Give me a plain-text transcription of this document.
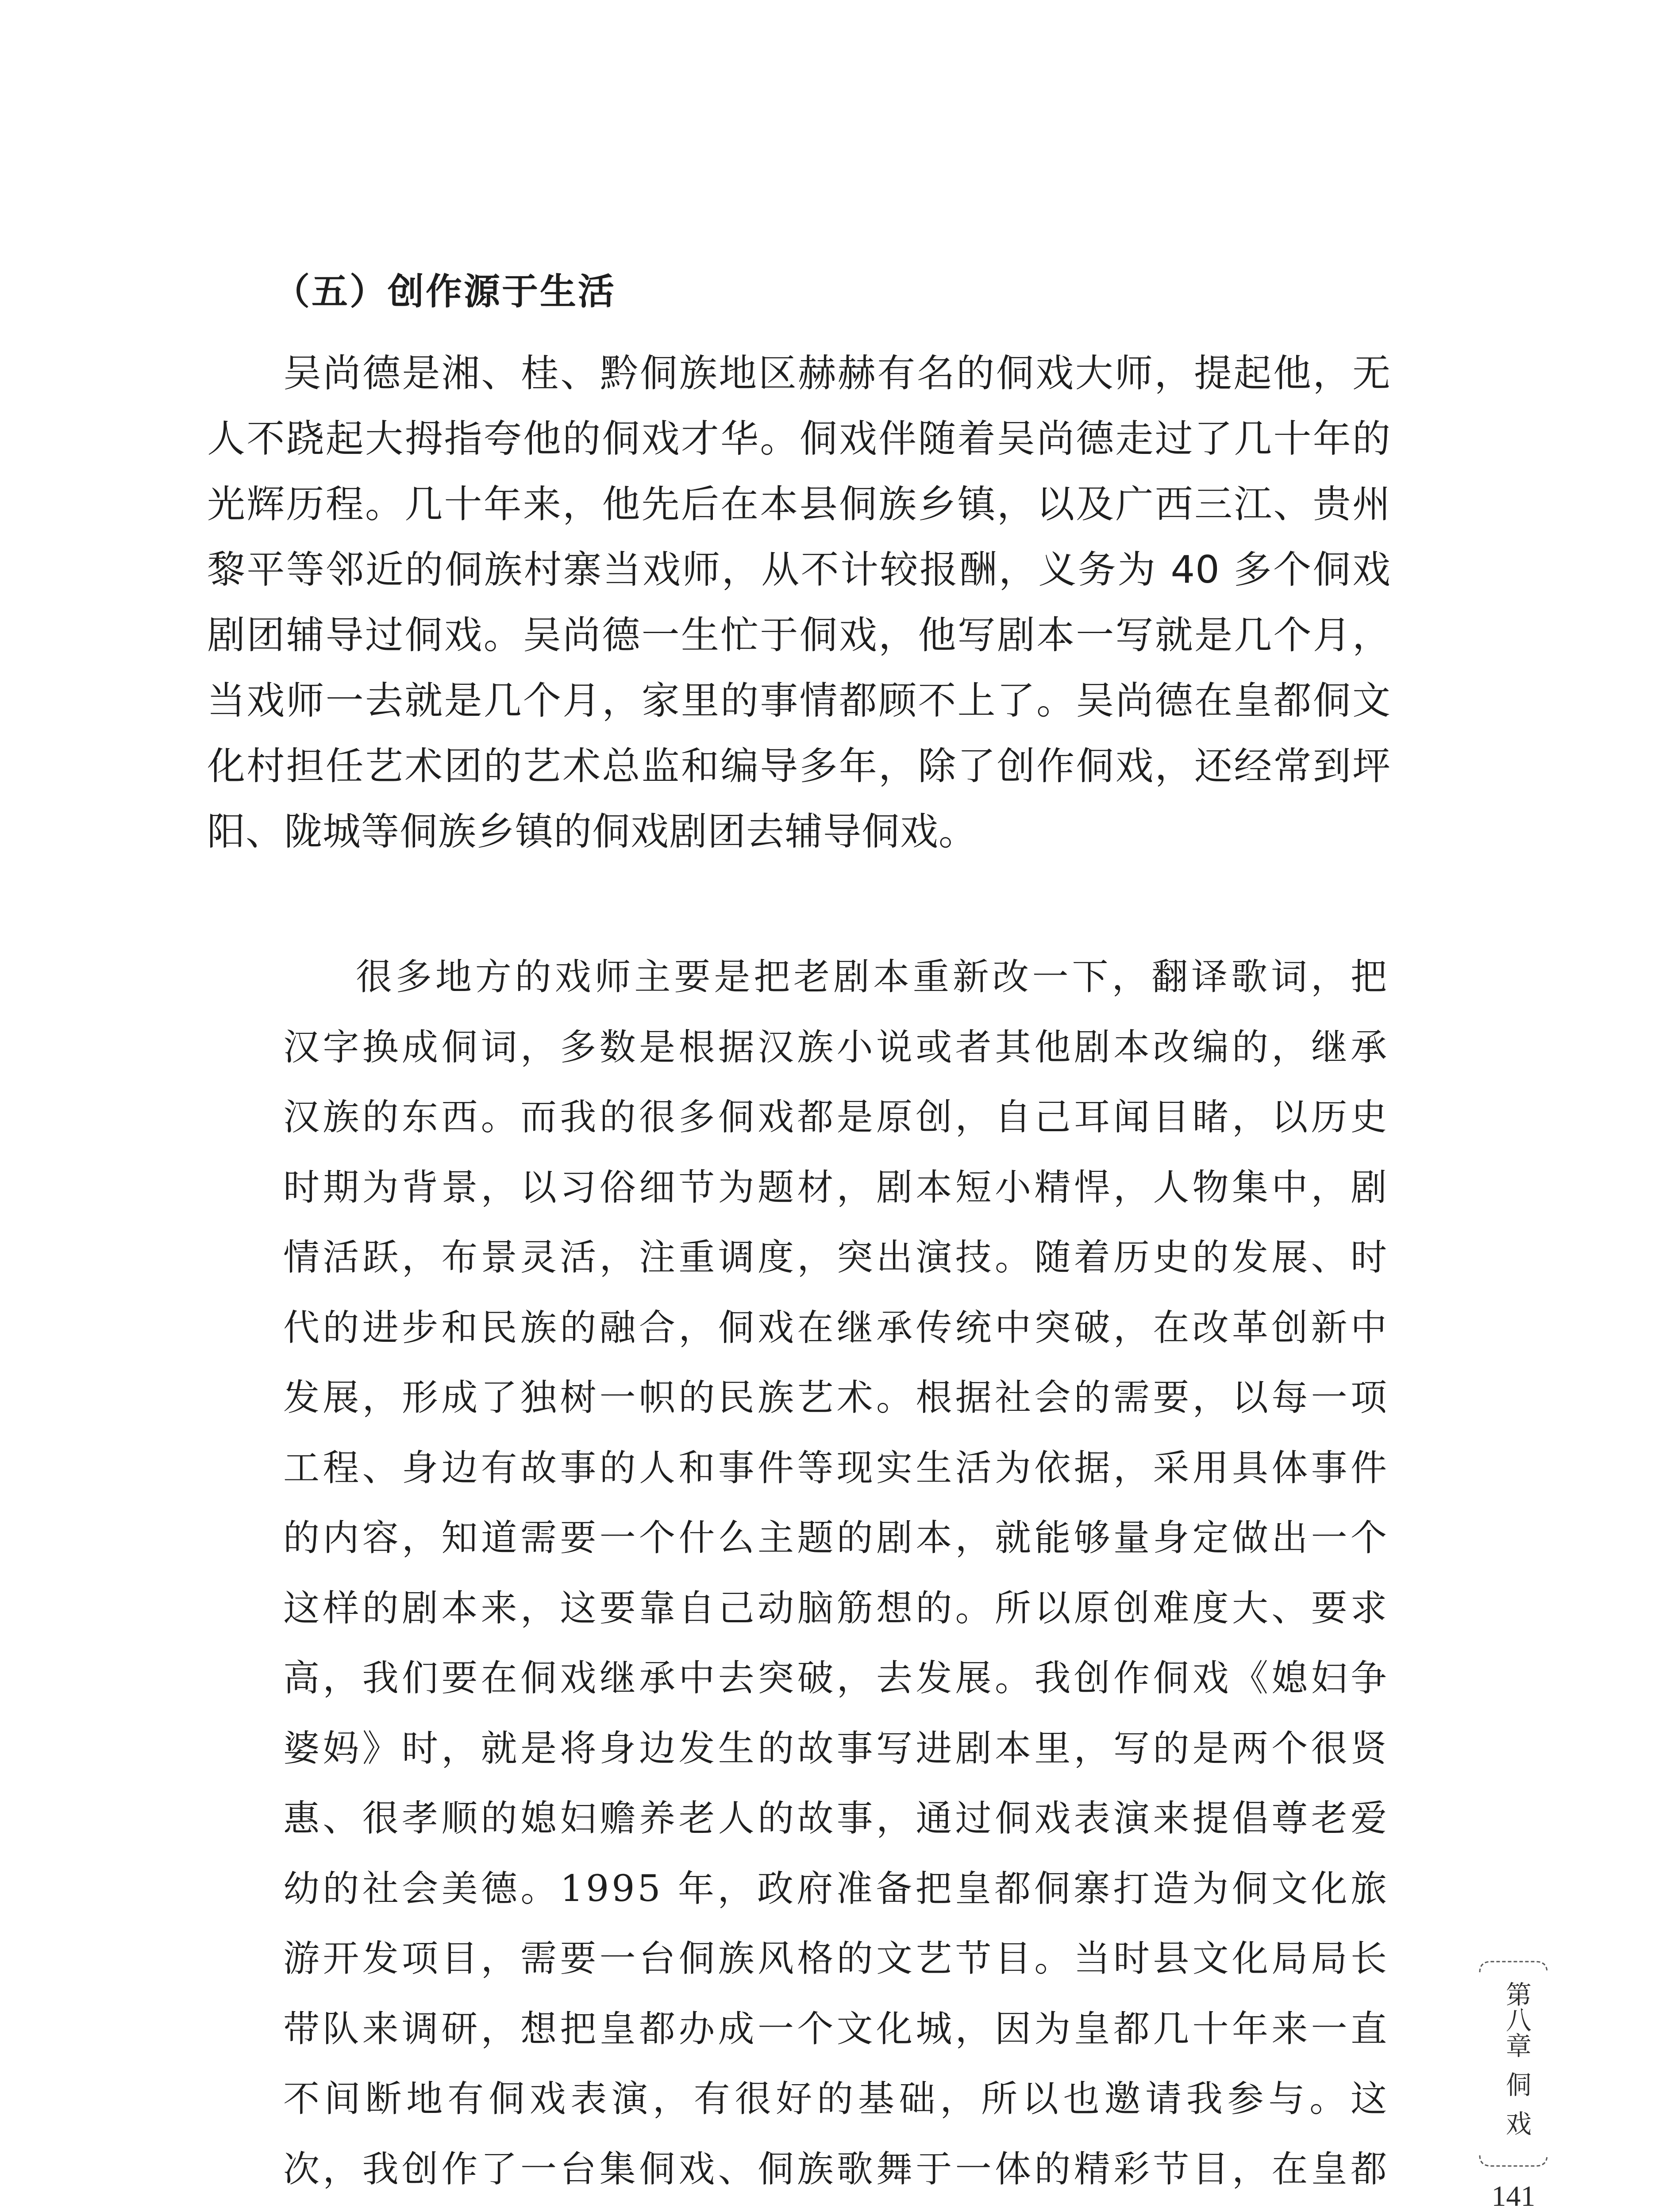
（五）创作源于生活

吴尚德是湘、桂、黔侗族地区赫赫有名的侗戏大师，提起他，无人不跷起大拇指夸他的侗戏才华。侗戏伴随着吴尚德走过了几十年的光辉历程。几十年来，他先后在本县侗族乡镇，以及广西三江、贵州黎平等邻近的侗族村寨当戏师，从不计较报酬，义务为 40 多个侗戏剧团辅导过侗戏。吴尚德一生忙于侗戏，他写剧本一写就是几个月，当戏师一去就是几个月，家里的事情都顾不上了。吴尚德在皇都侗文化村担任艺术团的艺术总监和编导多年，除了创作侗戏，还经常到坪阳、陇城等侗族乡镇的侗戏剧团去辅导侗戏。

很多地方的戏师主要是把老剧本重新改一下，翻译歌词，把汉字换成侗词，多数是根据汉族小说或者其他剧本改编的，继承汉族的东西。而我的很多侗戏都是原创，自己耳闻目睹，以历史时期为背景，以习俗细节为题材，剧本短小精悍，人物集中，剧情活跃，布景灵活，注重调度，突出演技。随着历史的发展、时代的进步和民族的融合，侗戏在继承传统中突破，在改革创新中发展，形成了独树一帜的民族艺术。根据社会的需要，以每一项工程、身边有故事的人和事件等现实生活为依据，采用具体事件的内容，知道需要一个什么主题的剧本，就能够量身定做出一个这样的剧本来，这要靠自己动脑筋想的。所以原创难度大、要求高，我们要在侗戏继承中去突破，去发展。我创作侗戏《媳妇争婆妈》时，就是将身边发生的故事写进剧本里，写的是两个很贤惠、很孝顺的媳妇赡养老人的故事，通过侗戏表演来提倡尊老爱幼的社会美德。1995 年，政府准备把皇都侗寨打造为侗文化旅游开发项目，需要一台侗族风格的文艺节目。当时县文化局局长带队来调研，想把皇都办成一个文化城，因为皇都几十年来一直不间断地有侗戏表演，有很好的基础，所以也邀请我参与。这次，我创作了一台集侗戏、侗族歌舞于一体的精彩节目，在皇都

第八章侗戏
141
